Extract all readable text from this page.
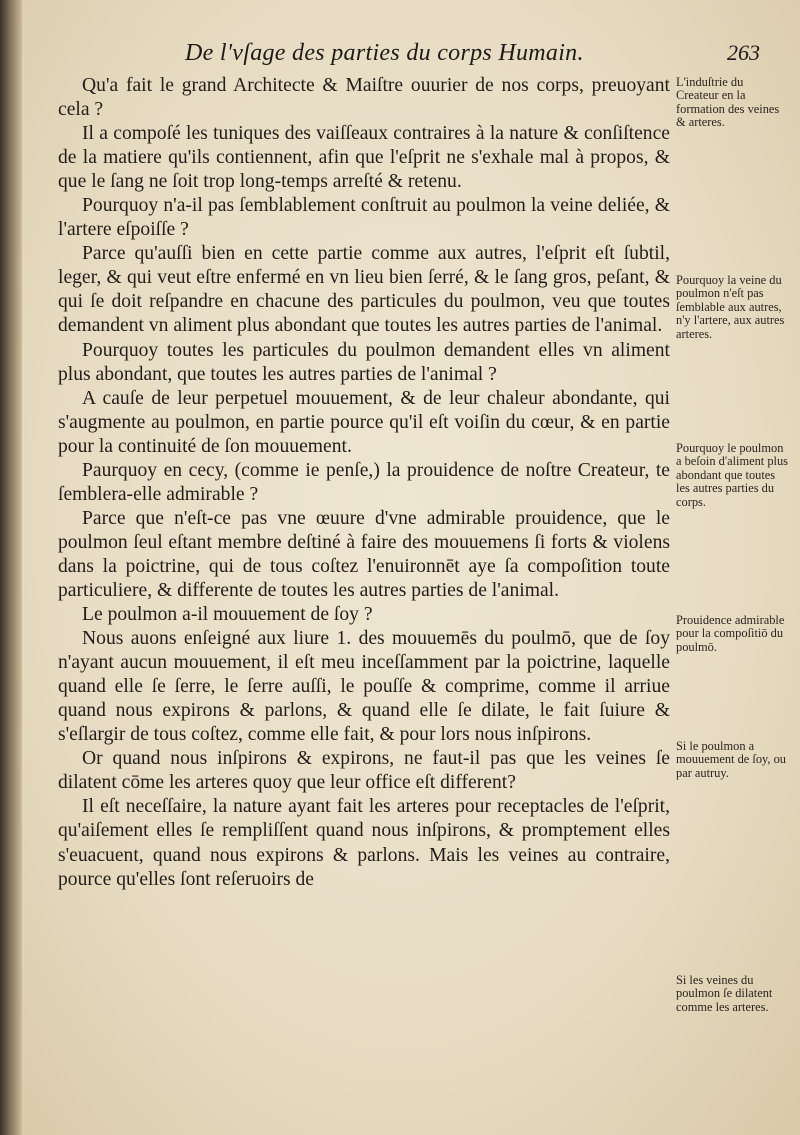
De l'vſage des parties du corps Humain.	263

Qu'a fait le grand Architecte & Maiſtre ouurier de nos corps, preuoyant cela ?

Il a compoſé les tuniques des vaiſſeaux contraires à la nature & conſiſtence de la matiere qu'ils contiennent, afin que l'eſprit ne s'exhale mal à propos, & que le ſang ne ſoit trop long-temps arreſté & retenu.

Pourquoy n'a-il pas ſemblablement conſtruit au poulmon la veine deliée, & l'artere eſpoiſſe ?

Parce qu'auſſi bien en cette partie comme aux autres, l'eſprit eſt ſubtil, leger, & qui veut eſtre enfermé en vn lieu bien ſerré, & le ſang gros, peſant, & qui ſe doit reſpandre en chacune des particules du poulmon, veu que toutes demandent vn aliment plus abondant que toutes les autres parties de l'animal.

Pourquoy toutes les particules du poulmon demandent elles vn aliment plus abondant, que toutes les autres parties de l'animal ?

A cauſe de leur perpetuel mouuement, & de leur chaleur abondante, qui s'augmente au poulmon, en partie pource qu'il eſt voiſin du cœur, & en partie pour la continuité de ſon mouuement.

Paurquoy en cecy, (comme ie penſe,) la prouidence de noſtre Createur, te ſemblera-elle admirable ?

Parce que n'eſt-ce pas vne œuure d'vne admirable prouidence, que le poulmon ſeul eſtant membre deſtiné à faire des mouuemens ſi forts & violens dans la poictrine, qui de tous coſtez l'enuironnēt aye ſa compoſition toute particuliere, & differente de toutes les autres parties de l'animal.

Le poulmon a-il mouuement de ſoy ?

Nous auons enſeigné aux liure 1. des mouuemēs du poulmō, que de ſoy n'ayant aucun mouuement, il eſt meu inceſſamment par la poictrine, laquelle quand elle ſe ſerre, le ſerre auſſi, le pouſſe & comprime, comme il arriue quand nous expirons & parlons, & quand elle ſe dilate, le fait ſuiure & s'eſlargir de tous coſtez, comme elle fait, & pour lors nous inſpirons.

Or quand nous inſpirons & expirons, ne faut-il pas que les veines ſe dilatent cōme les arteres quoy que leur office eſt different?

Il eſt neceſſaire, la nature ayant fait les arteres pour receptacles de l'eſprit, qu'aiſement elles ſe rempliſſent quand nous inſpirons, & promptement elles s'euacuent, quand nous expirons & parlons. Mais les veines au contraire, pource qu'elles ſont reſeruoirs de

L'induſtrie du Createur en la formation des veines & arteres.
Pourquoy la veine du poulmon n'eſt pas ſemblable aux autres, n'y l'artere, aux autres arteres.
Pourquoy le poulmon a beſoin d'aliment plus abondant que toutes les autres parties du corps.
Prouidence admirable pour la compoſitiō du poulmō.
Si le poulmon a mouuement de ſoy, ou par autruy.
Si les veines du poulmon ſe dilatent comme les arteres.
